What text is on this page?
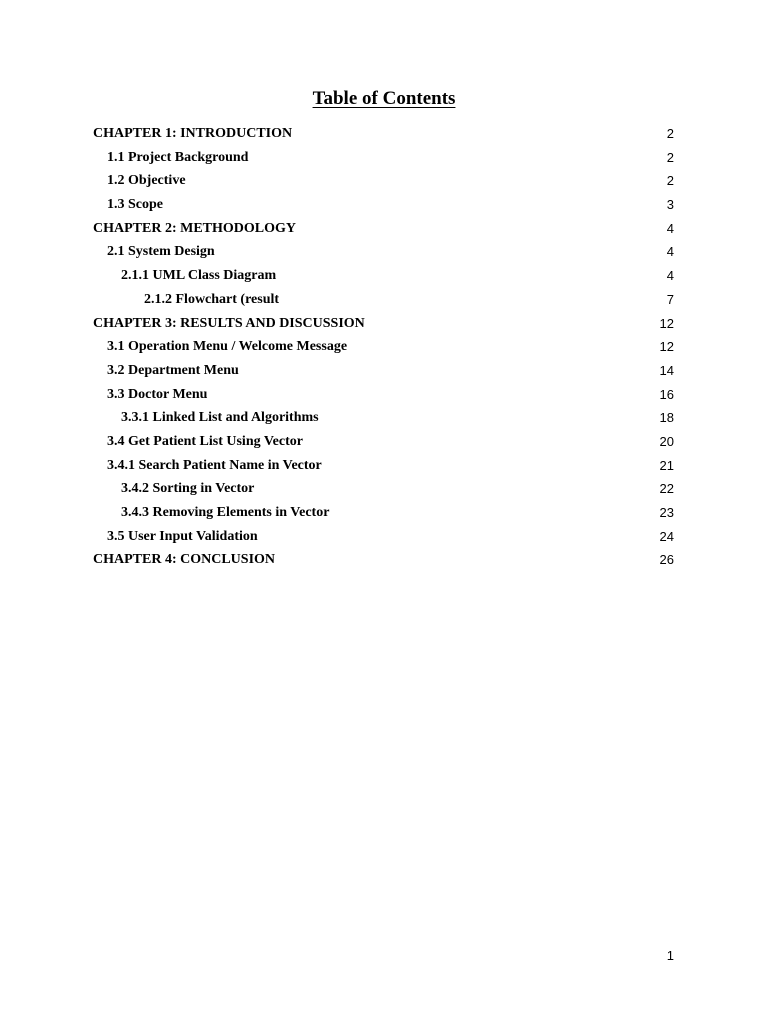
Table of Contents
CHAPTER 1: INTRODUCTION	2
1.1 Project Background	2
1.2 Objective	2
1.3 Scope	3
CHAPTER 2: METHODOLOGY	4
2.1 System Design	4
2.1.1 UML Class Diagram	4
2.1.2 Flowchart (result	7
CHAPTER 3: RESULTS AND DISCUSSION	12
3.1 Operation Menu / Welcome Message	12
3.2 Department Menu	14
3.3 Doctor Menu	16
3.3.1 Linked List and Algorithms	18
3.4 Get Patient List Using Vector	20
3.4.1 Search Patient Name in Vector	21
3.4.2 Sorting in Vector	22
3.4.3 Removing Elements in Vector	23
3.5 User Input Validation	24
CHAPTER 4: CONCLUSION	26
1
